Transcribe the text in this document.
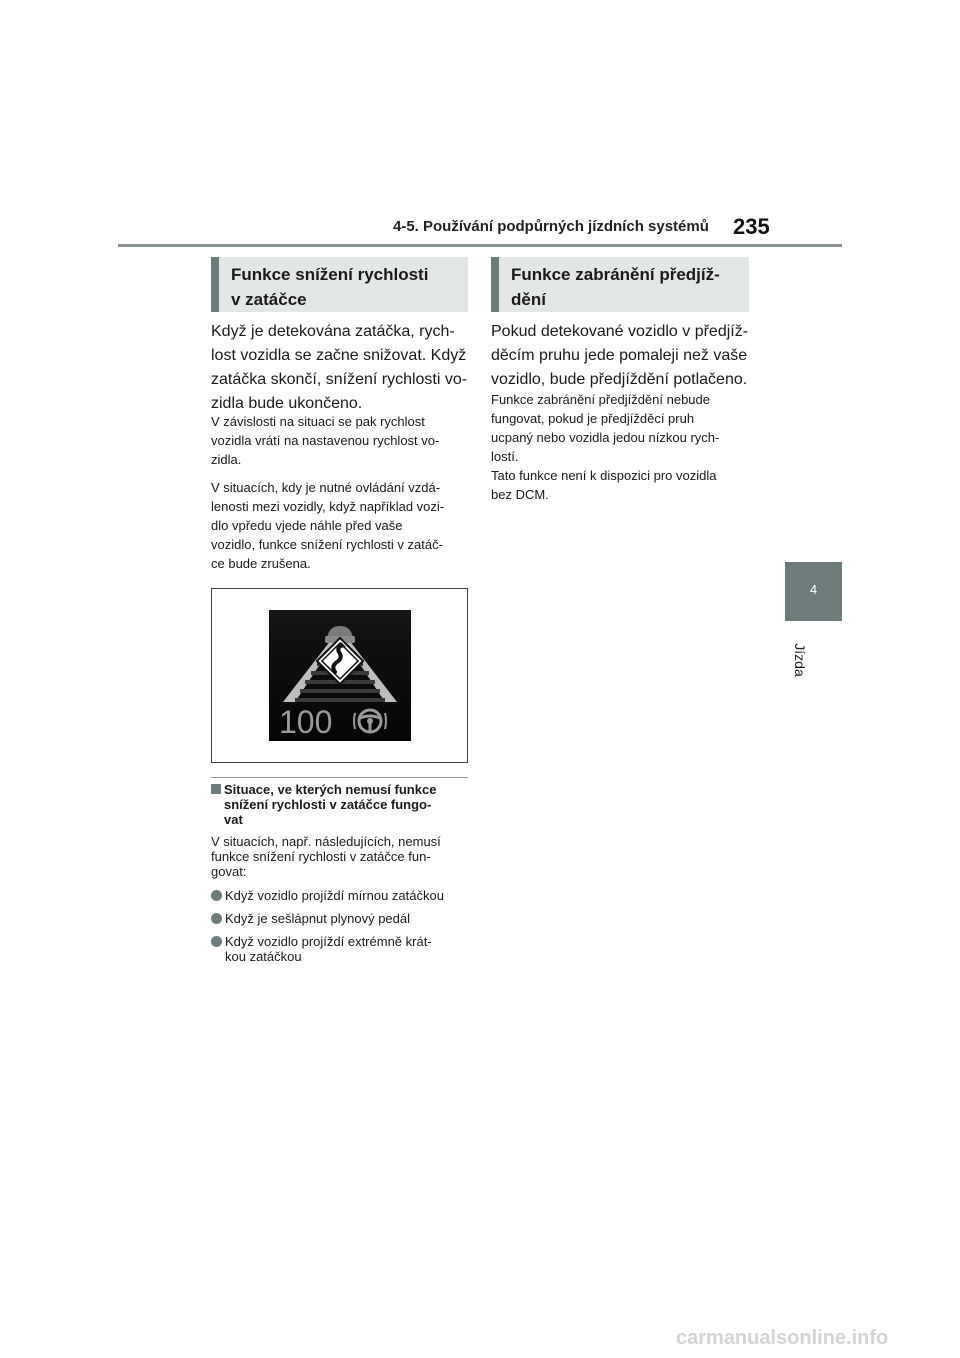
4-5. Používání podpůrných jízdních systémů 235
4
Jízda
Funkce snížení rychlosti
v zatáčce
Když je detekována zatáčka, rych-
lost vozidla se začne snižovat. Když
zatáčka skončí, snížení rychlosti vo-
zidla bude ukončeno.
V závislosti na situaci se pak rychlost
vozidla vrátí na nastavenou rychlost vo-
zidla.
V situacích, kdy je nutné ovládání vzdá-
lenosti mezi vozidly, když například vozi-
dlo vpředu vjede náhle před vaše
vozidlo, funkce snížení rychlosti v zatáč-
ce bude zrušena.
100
Situace, ve kterých nemusí funkce
snížení rychlosti v zatáčce fungo-
vat
V situacích, např. následujících, nemusí
funkce snížení rychlosti v zatáčce fun-
govat:
Když vozidlo projíždí mírnou zatáčkou
Když je sešlápnut plynový pedál
Když vozidlo projíždí extrémně krát-
kou zatáčkou
Funkce zabránění předjíž-
dění
Pokud detekované vozidlo v předjíž-
děcím pruhu jede pomaleji než vaše
vozidlo, bude předjíždění potlačeno.
Funkce zabránění předjíždění nebude
fungovat, pokud je předjížděcí pruh
ucpaný nebo vozidla jedou nízkou rych-
lostí.
Tato funkce není k dispozici pro vozidla
bez DCM.
carmanualsonline.info
